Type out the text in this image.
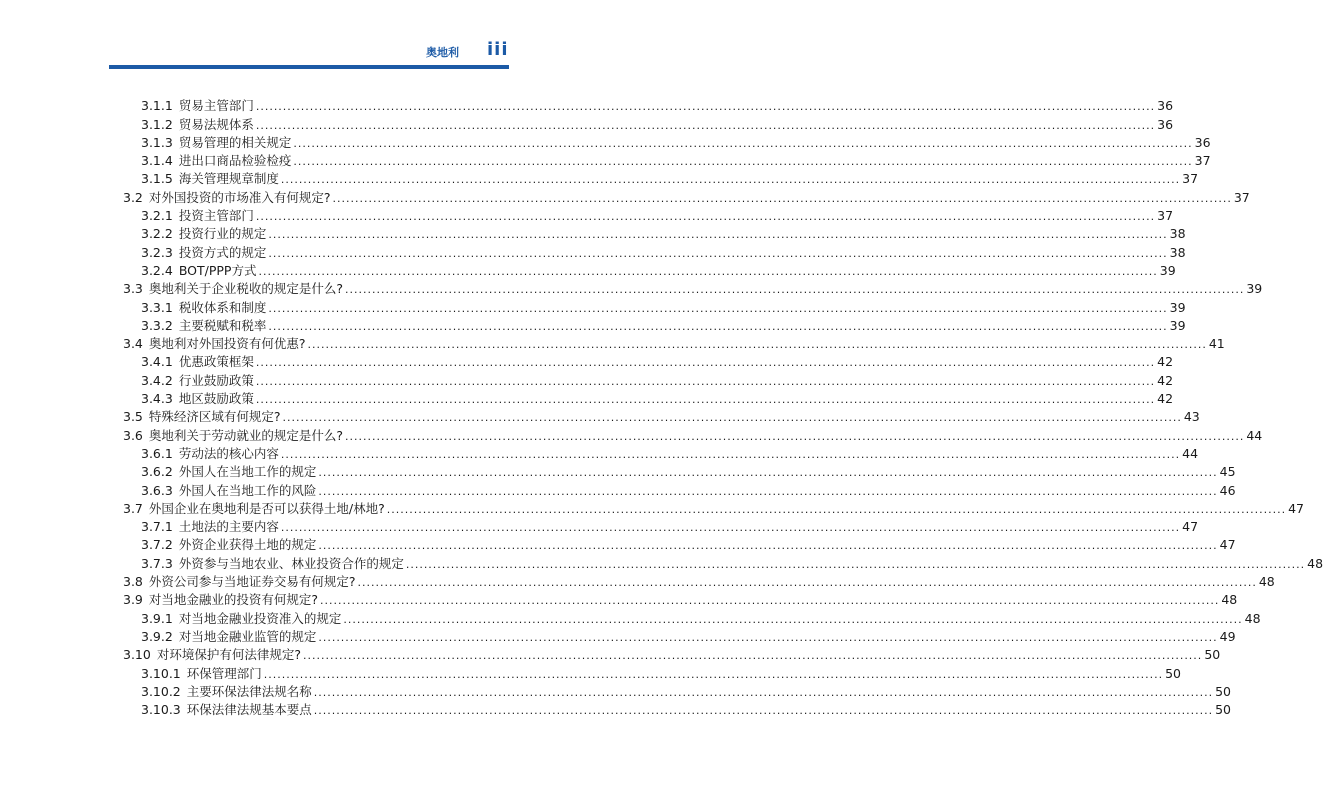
奥地利 iii
3.1.1 贸易主管部门 ........................................................................................................................................................................................................ 36
3.1.2 贸易法规体系 ........................................................................................................................................................................................................ 36
3.1.3 贸易管理的相关规定 ........................................................................................................................................................................................................ 36
3.1.4 进出口商品检验检疫 ........................................................................................................................................................................................................ 37
3.1.5 海关管理规章制度 ........................................................................................................................................................................................................ 37
3.2 对外国投资的市场准入有何规定? ........................................................................................................................................................................................................ 37
3.2.1 投资主管部门 ........................................................................................................................................................................................................ 37
3.2.2 投资行业的规定 ........................................................................................................................................................................................................ 38
3.2.3 投资方式的规定 ........................................................................................................................................................................................................ 38
3.2.4 BOT/PPP方式 ........................................................................................................................................................................................................ 39
3.3 奥地利关于企业税收的规定是什么? ........................................................................................................................................................................................................ 39
3.3.1 税收体系和制度 ........................................................................................................................................................................................................ 39
3.3.2 主要税赋和税率 ........................................................................................................................................................................................................ 39
3.4 奥地利对外国投资有何优惠? ........................................................................................................................................................................................................ 41
3.4.1 优惠政策框架 ........................................................................................................................................................................................................ 42
3.4.2 行业鼓励政策 ........................................................................................................................................................................................................ 42
3.4.3 地区鼓励政策 ........................................................................................................................................................................................................ 42
3.5 特殊经济区域有何规定? ........................................................................................................................................................................................................ 43
3.6 奥地利关于劳动就业的规定是什么? ........................................................................................................................................................................................................ 44
3.6.1 劳动法的核心内容 ........................................................................................................................................................................................................ 44
3.6.2 外国人在当地工作的规定 ........................................................................................................................................................................................................ 45
3.6.3 外国人在当地工作的风险 ........................................................................................................................................................................................................ 46
3.7 外国企业在奥地利是否可以获得土地/林地? ........................................................................................................................................................................................................ 47
3.7.1 土地法的主要内容 ........................................................................................................................................................................................................ 47
3.7.2 外资企业获得土地的规定 ........................................................................................................................................................................................................ 47
3.7.3 外资参与当地农业、林业投资合作的规定 ........................................................................................................................................................................................................ 48
3.8 外资公司参与当地证券交易有何规定? ........................................................................................................................................................................................................ 48
3.9 对当地金融业的投资有何规定? ........................................................................................................................................................................................................ 48
3.9.1 对当地金融业投资准入的规定 ........................................................................................................................................................................................................ 48
3.9.2 对当地金融业监管的规定 ........................................................................................................................................................................................................ 49
3.10 对环境保护有何法律规定? ........................................................................................................................................................................................................ 50
3.10.1 环保管理部门 ........................................................................................................................................................................................................ 50
3.10.2 主要环保法律法规名称 ........................................................................................................................................................................................................ 50
3.10.3 环保法律法规基本要点 ........................................................................................................................................................................................................ 50
